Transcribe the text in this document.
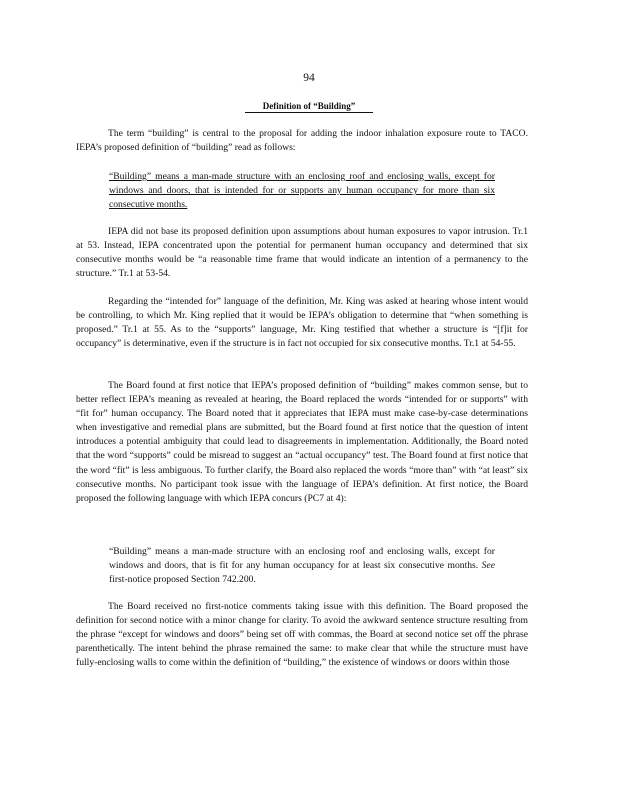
94
Definition of “Building”
The term “building” is central to the proposal for adding the indoor inhalation exposure route to TACO. IEPA’s proposed definition of “building” read as follows:
“Building” means a man-made structure with an enclosing roof and enclosing walls, except for windows and doors, that is intended for or supports any human occupancy for more than six consecutive months.
IEPA did not base its proposed definition upon assumptions about human exposures to vapor intrusion. Tr.1 at 53. Instead, IEPA concentrated upon the potential for permanent human occupancy and determined that six consecutive months would be “a reasonable time frame that would indicate an intention of a permanency to the structure.” Tr.1 at 53-54.
Regarding the “intended for” language of the definition, Mr. King was asked at hearing whose intent would be controlling, to which Mr. King replied that it would be IEPA’s obligation to determine that “when something is proposed.” Tr.1 at 55. As to the “supports” language, Mr. King testified that whether a structure is “[f]it for occupancy” is determinative, even if the structure is in fact not occupied for six consecutive months. Tr.1 at 54-55.
The Board found at first notice that IEPA’s proposed definition of “building” makes common sense, but to better reflect IEPA’s meaning as revealed at hearing, the Board replaced the words “intended for or supports” with “fit for” human occupancy. The Board noted that it appreciates that IEPA must make case-by-case determinations when investigative and remedial plans are submitted, but the Board found at first notice that the question of intent introduces a potential ambiguity that could lead to disagreements in implementation. Additionally, the Board noted that the word “supports” could be misread to suggest an “actual occupancy” test. The Board found at first notice that the word “fit” is less ambiguous. To further clarify, the Board also replaced the words “more than” with “at least” six consecutive months. No participant took issue with the language of IEPA’s definition. At first notice, the Board proposed the following language with which IEPA concurs (PC7 at 4):
“Building” means a man-made structure with an enclosing roof and enclosing walls, except for windows and doors, that is fit for any human occupancy for at least six consecutive months. See first-notice proposed Section 742.200.
The Board received no first-notice comments taking issue with this definition. The Board proposed the definition for second notice with a minor change for clarity. To avoid the awkward sentence structure resulting from the phrase “except for windows and doors” being set off with commas, the Board at second notice set off the phrase parenthetically. The intent behind the phrase remained the same: to make clear that while the structure must have fully-enclosing walls to come within the definition of “building,” the existence of windows or doors within those
